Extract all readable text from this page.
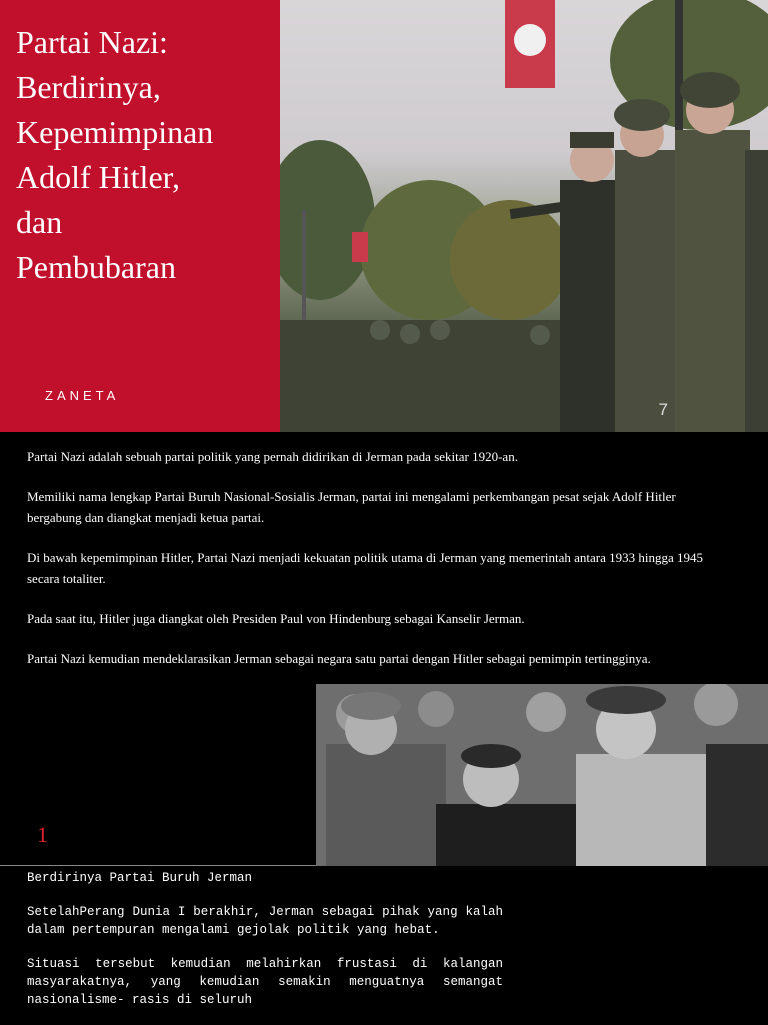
Partai Nazi:
Berdirinya,
Kepemimpinan
Adolf Hitler,
dan
Pembubaran
ZANETA
7

Partai Nazi adalah sebuah partai politik yang pernah didirikan di Jerman pada sekitar 1920-an.

Memiliki nama lengkap Partai Buruh Nasional-Sosialis Jerman, partai ini mengalami perkembangan pesat sejak Adolf Hitler bergabung dan diangkat menjadi ketua partai.

Di bawah kepemimpinan Hitler, Partai Nazi menjadi kekuatan politik utama di Jerman yang memerintah antara 1933 hingga 1945 secara totaliter.

Pada saat itu, Hitler juga diangkat oleh Presiden Paul von Hindenburg sebagai Kanselir Jerman.

Partai Nazi kemudian mendeklarasikan Jerman sebagai negara satu partai dengan Hitler sebagai pemimpin tertingginya.

1

Berdirinya Partai Buruh Jerman

SetelahPerang Dunia I berakhir, Jerman sebagai pihak yang kalah dalam pertempuran mengalami gejolak politik yang hebat.

Situasi tersebut kemudian melahirkan frustasi di kalangan masyarakatnya, yang kemudian semakin menguatnya semangat nasionalisme- rasis di seluruh
